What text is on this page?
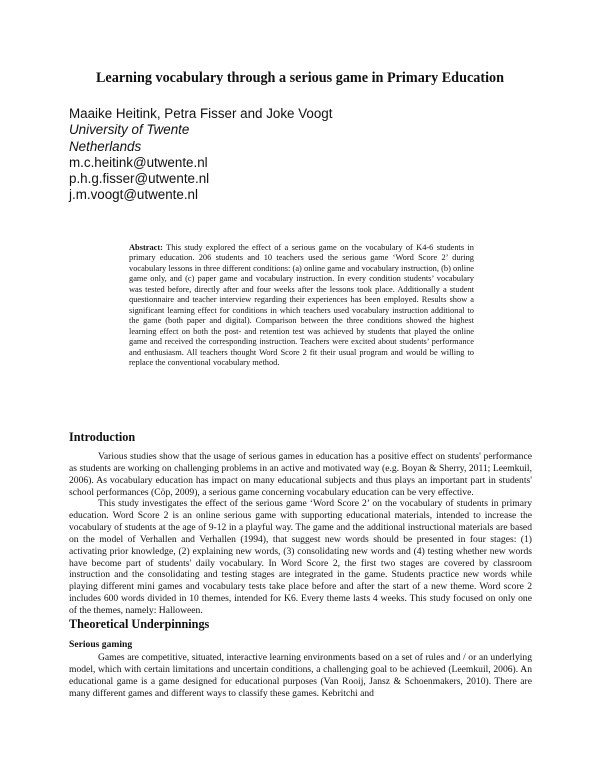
Learning vocabulary through a serious game in Primary Education
Maaike Heitink, Petra Fisser and Joke Voogt
University of Twente
Netherlands
m.c.heitink@utwente.nl
p.h.g.fisser@utwente.nl
j.m.voogt@utwente.nl
Abstract: This study explored the effect of a serious game on the vocabulary of K4-6 students in primary education. 206 students and 10 teachers used the serious game ‘Word Score 2’ during vocabulary lessons in three different conditions: (a) online game and vocabulary instruction, (b) online game only, and (c) paper game and vocabulary instruction. In every condition students’ vocabulary was tested before, directly after and four weeks after the lessons took place. Additionally a student questionnaire and teacher interview regarding their experiences has been employed. Results show a significant learning effect for conditions in which teachers used vocabulary instruction additional to the game (both paper and digital). Comparison between the three conditions showed the highest learning effect on both the post- and retention test was achieved by students that played the online game and received the corresponding instruction. Teachers were excited about students’ performance and enthusiasm. All teachers thought Word Score 2 fit their usual program and would be willing to replace the conventional vocabulary method.
Introduction

Various studies show that the usage of serious games in education has a positive effect on students' performance as students are working on challenging problems in an active and motivated way (e.g. Boyan & Sherry, 2011; Leemkuil, 2006). As vocabulary education has impact on many educational subjects and thus plays an important part in students' school performances (Cöp, 2009), a serious game concerning vocabulary education can be very effective.

This study investigates the effect of the serious game ‘Word Score 2’ on the vocabulary of students in primary education. Word Score 2 is an online serious game with supporting educational materials, intended to increase the vocabulary of students at the age of 9-12 in a playful way. The game and the additional instructional materials are based on the model of Verhallen and Verhallen (1994), that suggest new words should be presented in four stages: (1) activating prior knowledge, (2) explaining new words, (3) consolidating new words and (4) testing whether new words have become part of students' daily vocabulary. In Word Score 2, the first two stages are covered by classroom instruction and the consolidating and testing stages are integrated in the game. Students practice new words while playing different mini games and vocabulary tests take place before and after the start of a new theme. Word score 2 includes 600 words divided in 10 themes, intended for K6. Every theme lasts 4 weeks. This study focused on only one of the themes, namely: Halloween.

Theoretical Underpinnings
Serious gaming

Games are competitive, situated, interactive learning environments based on a set of rules and / or an underlying model, which with certain limitations and uncertain conditions, a challenging goal to be achieved (Leemkuil, 2006). An educational game is a game designed for educational purposes (Van Rooij, Jansz & Schoenmakers, 2010). There are many different games and different ways to classify these games. Kebritchi and
